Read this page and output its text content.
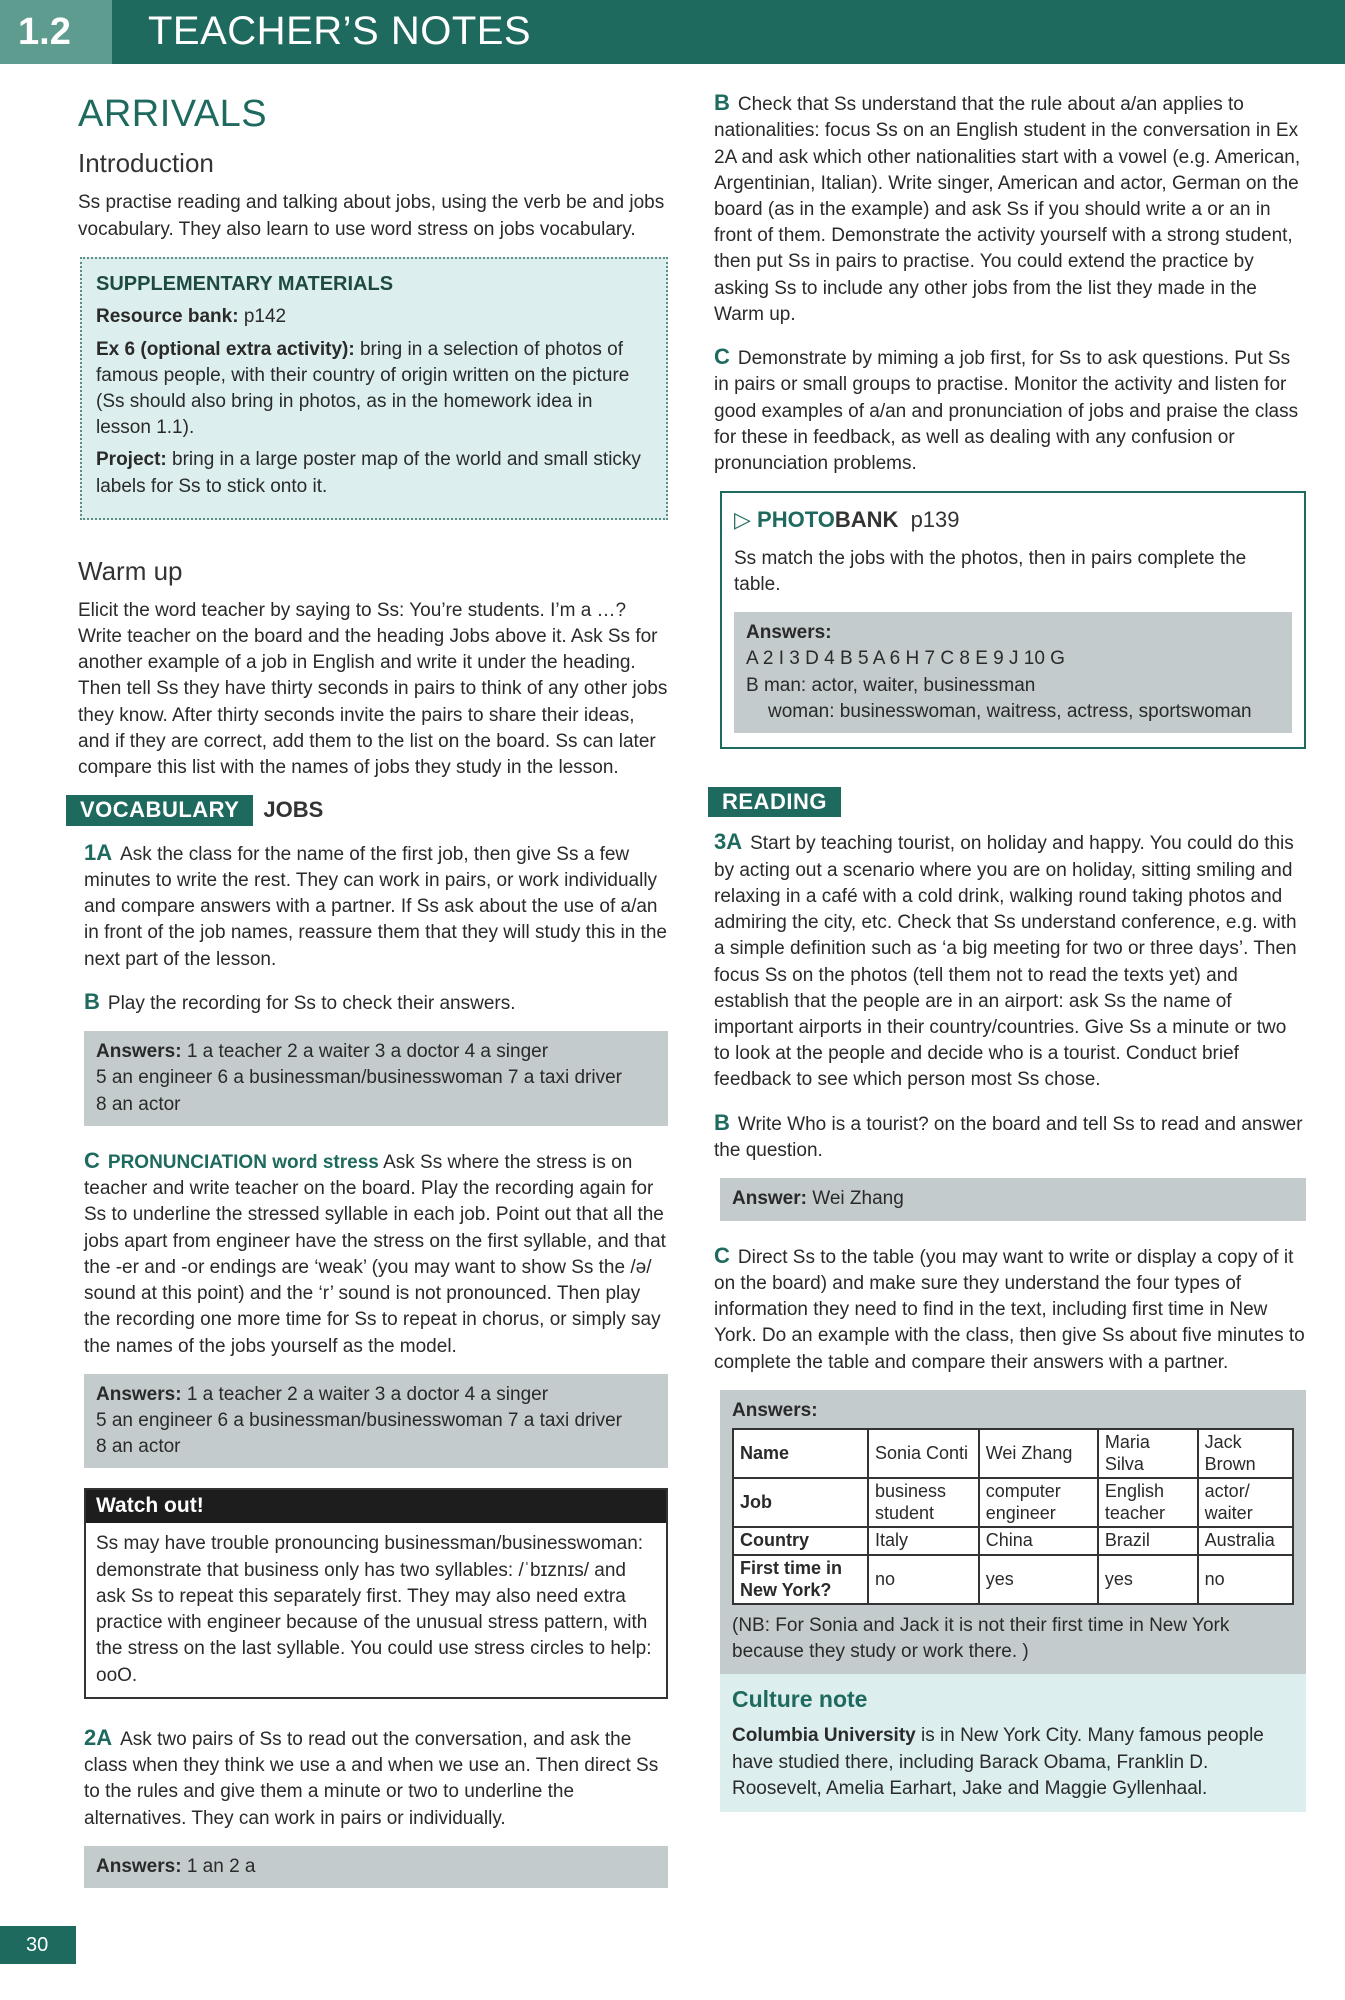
1.2	TEACHER’S NOTES
ARRIVALS
Introduction

Ss practise reading and talking about jobs, using the verb be and jobs vocabulary. They also learn to use word stress on jobs vocabulary.

SUPPLEMENTARY MATERIALS
Resource bank: p142
Ex 6 (optional extra activity): bring in a selection of photos of famous people, with their country of origin written on the picture (Ss should also bring in photos, as in the homework idea in lesson 1.1).
Project: bring in a large poster map of the world and small sticky labels for Ss to stick onto it.
Warm up

Elicit the word teacher by saying to Ss: You’re students. I’m a …? Write teacher on the board and the heading Jobs above it. Ask Ss for another example of a job in English and write it under the heading. Then tell Ss they have thirty seconds in pairs to think of any other jobs they know. After thirty seconds invite the pairs to share their ideas, and if they are correct, add them to the list on the board. Ss can later compare this list with the names of jobs they study in the lesson.

VOCABULARY JOBS

1A Ask the class for the name of the first job, then give Ss a few minutes to write the rest. They can work in pairs, or work individually and compare answers with a partner. If Ss ask about the use of a/an in front of the job names, reassure them that they will study this in the next part of the lesson.

B Play the recording for Ss to check their answers.

Answers: 1 a teacher 2 a waiter 3 a doctor 4 a singer
5 an engineer 6 a businessman/businesswoman 7 a taxi driver
8 an actor

C PRONUNCIATION word stress Ask Ss where the stress is on teacher and write teacher on the board. Play the recording again for Ss to underline the stressed syllable in each job. Point out that all the jobs apart from engineer have the stress on the first syllable, and that the -er and -or endings are ‘weak’ (you may want to show Ss the /ə/ sound at this point) and the ‘r’ sound is not pronounced. Then play the recording one more time for Ss to repeat in chorus, or simply say the names of the jobs yourself as the model.

Answers: 1 a teacher 2 a waiter 3 a doctor 4 a singer
5 an engineer 6 a businessman/businesswoman 7 a taxi driver
8 an actor
Watch out!
Ss may have trouble pronouncing businessman/businesswoman: demonstrate that business only has two syllables: /ˈbɪznɪs/ and ask Ss to repeat this separately first. They may also need extra practice with engineer because of the unusual stress pattern, with the stress on the last syllable. You could use stress circles to help: ooO.

2A Ask two pairs of Ss to read out the conversation, and ask the class when they think we use a and when we use an. Then direct Ss to the rules and give them a minute or two to underline the alternatives. They can work in pairs or individually.

Answers: 1 an 2 a

B Check that Ss understand that the rule about a/an applies to nationalities: focus Ss on an English student in the conversation in Ex 2A and ask which other nationalities start with a vowel (e.g. American, Argentinian, Italian). Write singer, American and actor, German on the board (as in the example) and ask Ss if you should write a or an in front of them. Demonstrate the activity yourself with a strong student, then put Ss in pairs to practise. You could extend the practice by asking Ss to include any other jobs from the list they made in the Warm up.

C Demonstrate by miming a job first, for Ss to ask questions. Put Ss in pairs or small groups to practise. Monitor the activity and listen for good examples of a/an and pronunciation of jobs and praise the class for these in feedback, as well as dealing with any confusion or pronunciation problems.

▷ PHOTOBANK p139

Ss match the jobs with the photos, then in pairs complete the table.

Answers:
A 2 I 3 D 4 B 5 A 6 H 7 C 8 E 9 J 10 G
B man: actor, waiter, businessman
woman: businesswoman, waitress, actress, sportswoman
READING

3A Start by teaching tourist, on holiday and happy. You could do this by acting out a scenario where you are on holiday, sitting smiling and relaxing in a café with a cold drink, walking round taking photos and admiring the city, etc. Check that Ss understand conference, e.g. with a simple definition such as ‘a big meeting for two or three days’. Then focus Ss on the photos (tell them not to read the texts yet) and establish that the people are in an airport: ask Ss the name of important airports in their country/countries. Give Ss a minute or two to look at the people and decide who is a tourist. Conduct brief feedback to see which person most Ss chose.

B Write Who is a tourist? on the board and tell Ss to read and answer the question.

Answer: Wei Zhang

C Direct Ss to the table (you may want to write or display a copy of it on the board) and make sure they understand the four types of information they need to find in the text, including first time in New York. Do an example with the class, then give Ss about five minutes to complete the table and compare their answers with a partner.

Answers:
Name	Sonia Conti	Wei Zhang	Maria Silva	Jack Brown
Job	business student	computer engineer	English teacher	actor/ waiter
Country	Italy	China	Brazil	Australia
First time in New York?	no	yes	yes	no
(NB: For Sonia and Jack it is not their first time in New York because they study or work there. )
Culture note
Columbia University is in New York City. Many famous people have studied there, including Barack Obama, Franklin D. Roosevelt, Amelia Earhart, Jake and Maggie Gyllenhaal.
30
